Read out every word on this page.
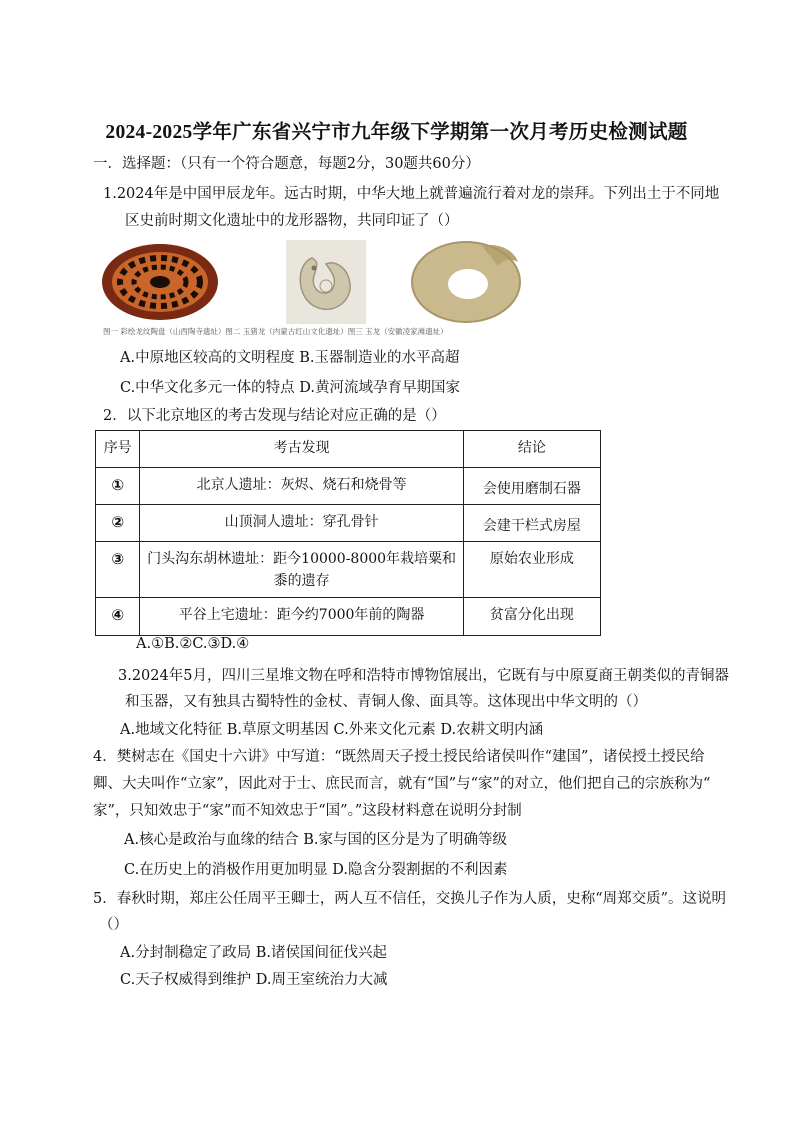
2024-2025学年广东省兴宁市九年级下学期第一次月考历史检测试题
一．选择题：（只有一个符合题意，每题2分，30题共60分）
1.2024年是中国甲辰龙年。远古时期，中华大地上就普遍流行着对龙的崇拜。下列出土于不同地
区史前时期文化遗址中的龙形器物，共同印证了（）
图一 彩绘龙纹陶盘（山西陶寺遗址）图二 玉猪龙（内蒙古红山文化遗址）图三 玉龙（安徽凌家滩遗址）
A.中原地区较高的文明程度 B.玉器制造业的水平高超
C.中华文化多元一体的特点 D.黄河流域孕育早期国家
2．以下北京地区的考古发现与结论对应正确的是（）
序号	考古发现	结论
①	北京人遗址：灰烬、烧石和烧骨等	会使用磨制石器
②	山顶洞人遗址：穿孔骨针	会建干栏式房屋
③	门头沟东胡林遗址：距今10000-8000年栽培粟和黍的遗存	原始农业形成
④	平谷上宅遗址：距今约7000年前的陶器	贫富分化出现
A.①B.②C.③D.④
3.2024年5月，四川三星堆文物在呼和浩特市博物馆展出，它既有与中原夏商王朝类似的青铜器
和玉器，又有独具古蜀特性的金杖、青铜人像、面具等。这体现出中华文明的（）
A.地域文化特征 B.草原文明基因 C.外来文化元素 D.农耕文明内涵
4．樊树志在《国史十六讲》中写道：“既然周天子授土授民给诸侯叫作“建国”，诸侯授土授民给
卿、大夫叫作“立家”，因此对于士、庶民而言，就有“国”与“家”的对立，他们把自己的宗族称为“
家”，只知效忠于“家”而不知效忠于“国”。”这段材料意在说明分封制
A.核心是政治与血缘的结合 B.家与国的区分是为了明确等级
C.在历史上的消极作用更加明显 D.隐含分裂割据的不利因素
5．春秋时期，郑庄公任周平王卿士，两人互不信任，交换儿子作为人质，史称“周郑交质”。这说明
（）
A.分封制稳定了政局 B.诸侯国间征伐兴起
C.天子权威得到维护 D.周王室统治力大减
